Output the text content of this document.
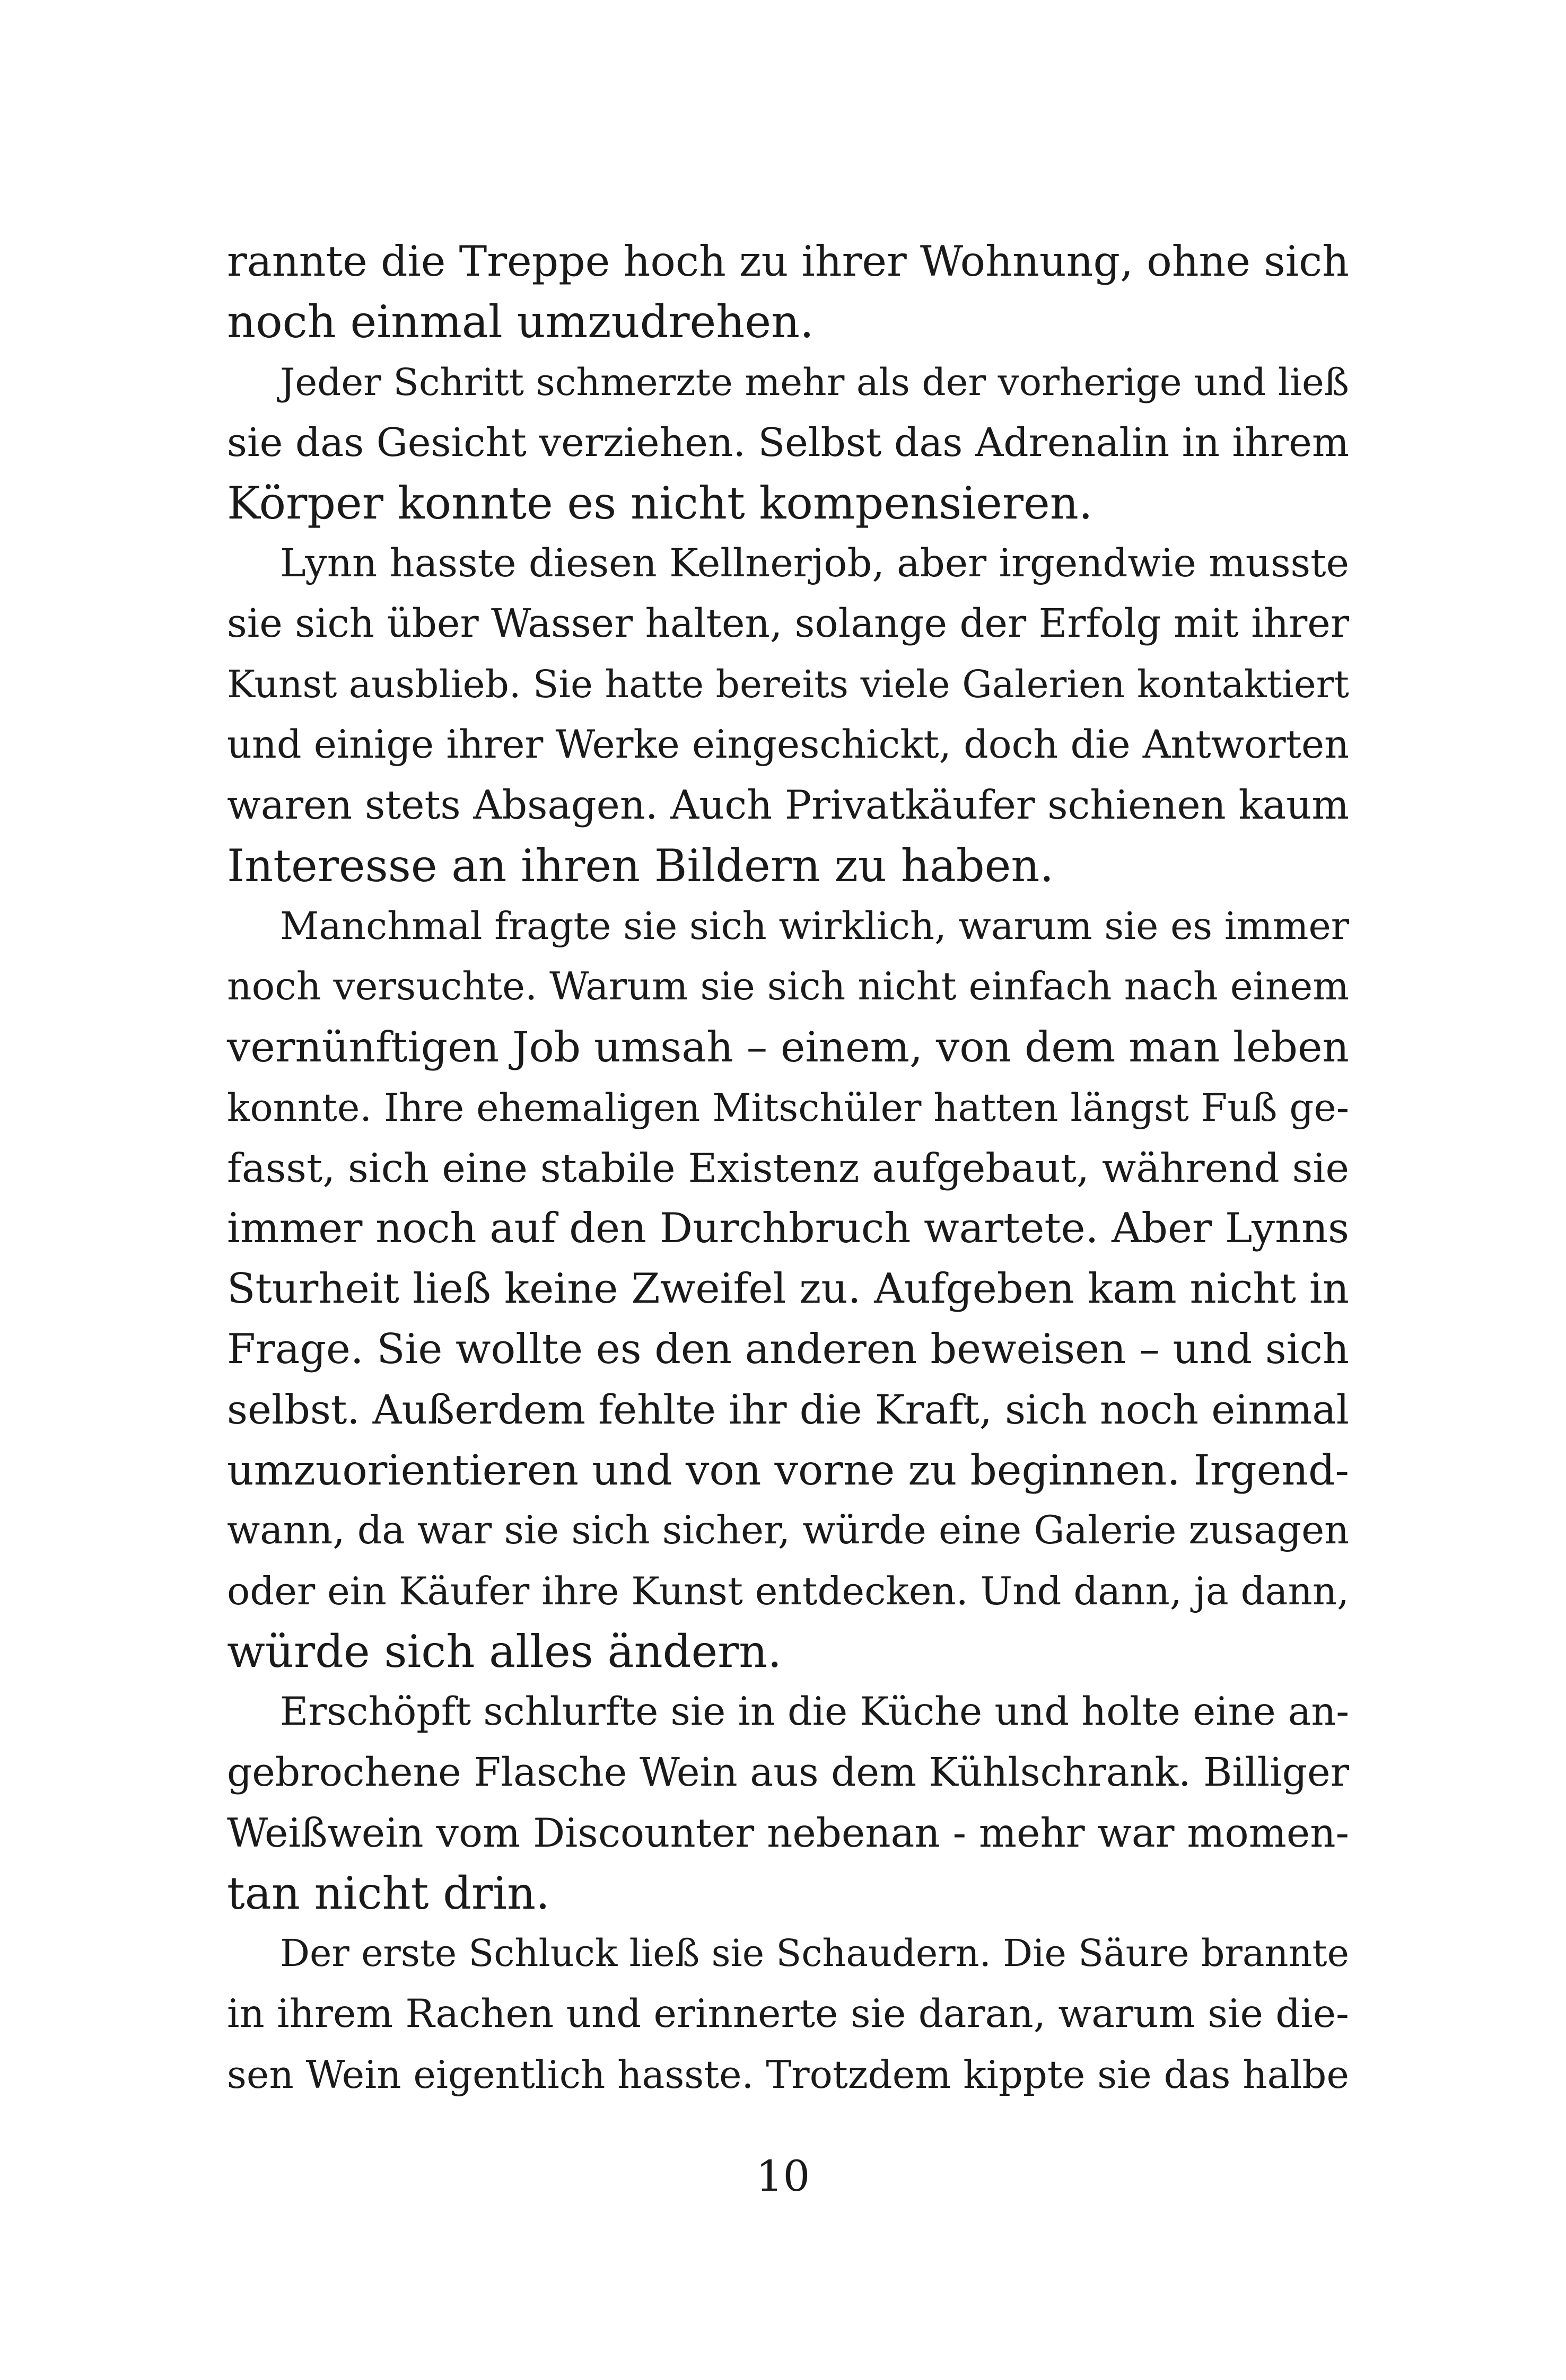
rannte die Treppe hoch zu ihrer Wohnung, ohne sich
noch einmal umzudrehen.
Jeder Schritt schmerzte mehr als der vorherige und ließ
sie das Gesicht verziehen. Selbst das Adrenalin in ihrem
Körper konnte es nicht kompensieren.
Lynn hasste diesen Kellnerjob, aber irgendwie musste
sie sich über Wasser halten, solange der Erfolg mit ihrer
Kunst ausblieb. Sie hatte bereits viele Galerien kontaktiert
und einige ihrer Werke eingeschickt, doch die Antworten
waren stets Absagen. Auch Privatkäufer schienen kaum
Interesse an ihren Bildern zu haben.
Manchmal fragte sie sich wirklich, warum sie es immer
noch versuchte. Warum sie sich nicht einfach nach einem
vernünftigen Job umsah – einem, von dem man leben
konnte. Ihre ehemaligen Mitschüler hatten längst Fuß ge-
fasst, sich eine stabile Existenz aufgebaut, während sie
immer noch auf den Durchbruch wartete. Aber Lynns
Sturheit ließ keine Zweifel zu. Aufgeben kam nicht in
Frage. Sie wollte es den anderen beweisen – und sich
selbst. Außerdem fehlte ihr die Kraft, sich noch einmal
umzuorientieren und von vorne zu beginnen. Irgend-
wann, da war sie sich sicher, würde eine Galerie zusagen
oder ein Käufer ihre Kunst entdecken. Und dann, ja dann,
würde sich alles ändern.
Erschöpft schlurfte sie in die Küche und holte eine an-
gebrochene Flasche Wein aus dem Kühlschrank. Billiger
Weißwein vom Discounter nebenan - mehr war momen-
tan nicht drin.
Der erste Schluck ließ sie Schaudern. Die Säure brannte
in ihrem Rachen und erinnerte sie daran, warum sie die-
sen Wein eigentlich hasste. Trotzdem kippte sie das halbe
10
